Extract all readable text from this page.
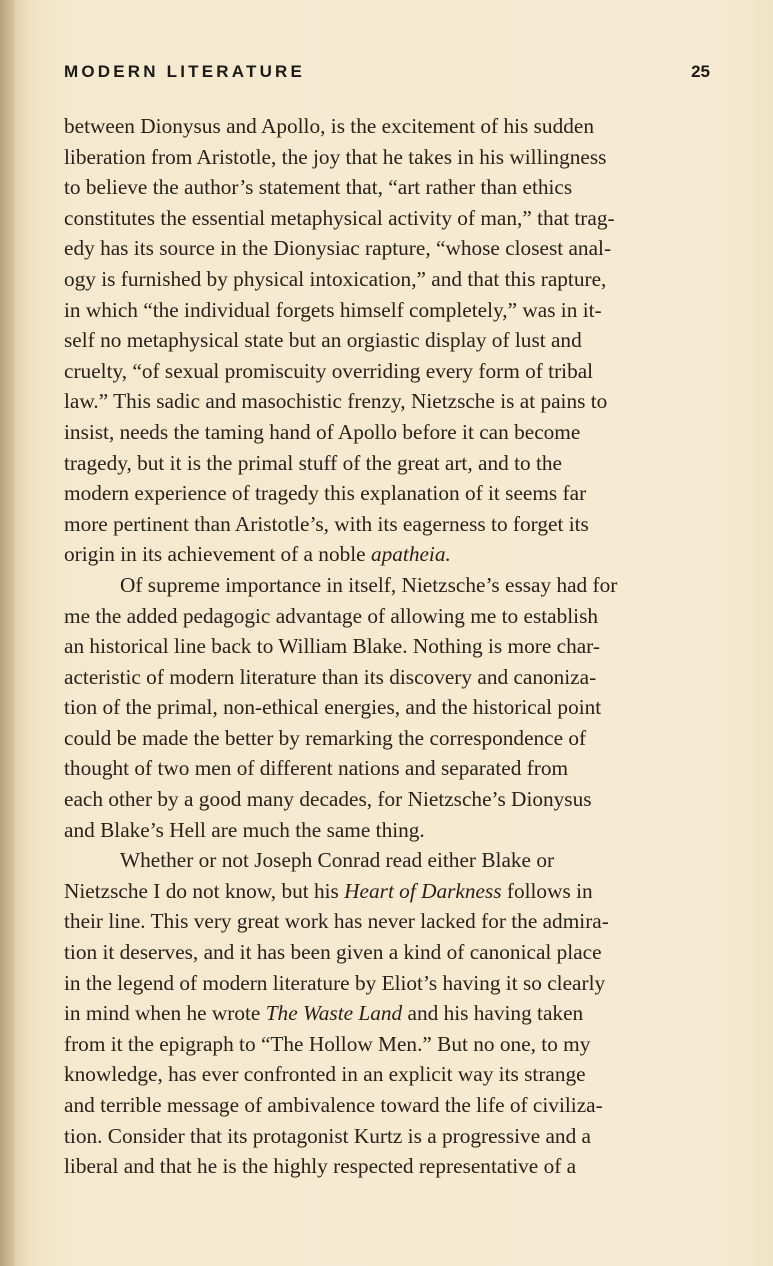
MODERN LITERATURE	25
between Dionysus and Apollo, is the excitement of his sudden
liberation from Aristotle, the joy that he takes in his willingness
to believe the author’s statement that, “art rather than ethics
constitutes the essential metaphysical activity of man,” that trag-
edy has its source in the Dionysiac rapture, “whose closest anal-
ogy is furnished by physical intoxication,” and that this rapture,
in which “the individual forgets himself completely,” was in it-
self no metaphysical state but an orgiastic display of lust and
cruelty, “of sexual promiscuity overriding every form of tribal
law.” This sadic and masochistic frenzy, Nietzsche is at pains to
insist, needs the taming hand of Apollo before it can become
tragedy, but it is the primal stuff of the great art, and to the
modern experience of tragedy this explanation of it seems far
more pertinent than Aristotle’s, with its eagerness to forget its
origin in its achievement of a noble apatheia.
Of supreme importance in itself, Nietzsche’s essay had for
me the added pedagogic advantage of allowing me to establish
an historical line back to William Blake. Nothing is more char-
acteristic of modern literature than its discovery and canoniza-
tion of the primal, non-ethical energies, and the historical point
could be made the better by remarking the correspondence of
thought of two men of different nations and separated from
each other by a good many decades, for Nietzsche’s Dionysus
and Blake’s Hell are much the same thing.
Whether or not Joseph Conrad read either Blake or
Nietzsche I do not know, but his Heart of Darkness follows in
their line. This very great work has never lacked for the admira-
tion it deserves, and it has been given a kind of canonical place
in the legend of modern literature by Eliot’s having it so clearly
in mind when he wrote The Waste Land and his having taken
from it the epigraph to “The Hollow Men.” But no one, to my
knowledge, has ever confronted in an explicit way its strange
and terrible message of ambivalence toward the life of civiliza-
tion. Consider that its protagonist Kurtz is a progressive and a
liberal and that he is the highly respected representative of a
